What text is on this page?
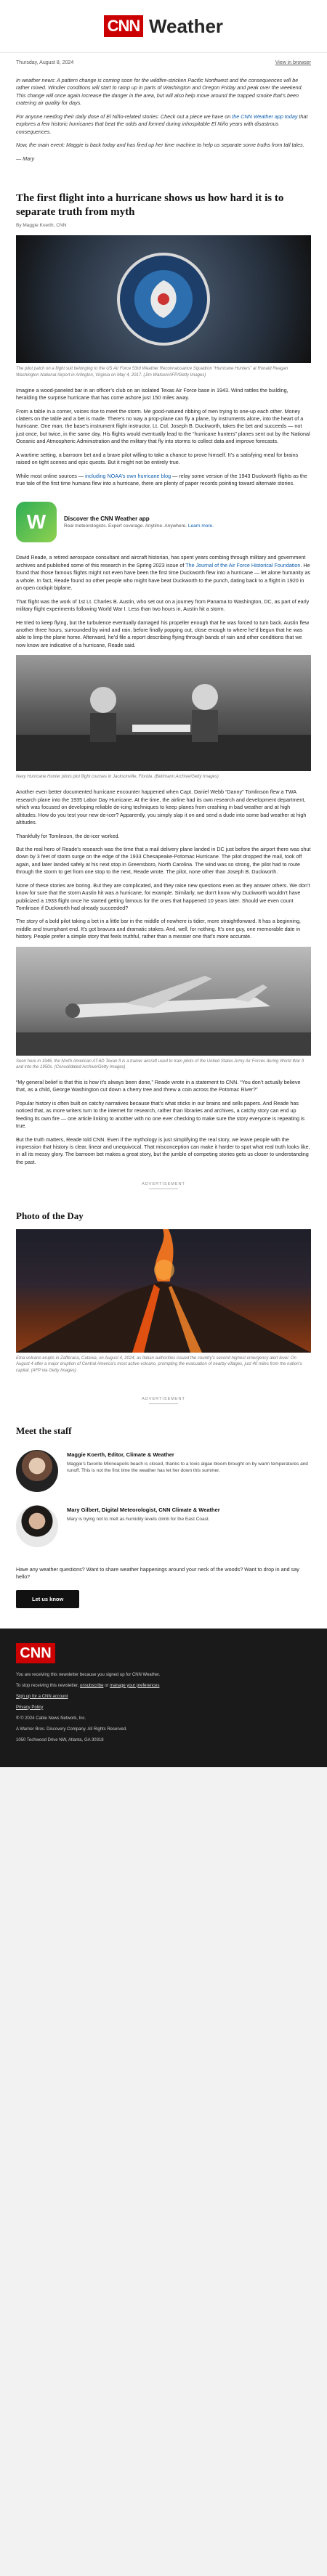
CNN Weather
Thursday, August 8, 2024	View in browser

In weather news: A pattern change is coming soon for the wildfire-stricken Pacific Northwest and the consequences will be rather mixed. Windier conditions will start to ramp up in parts of Washington and Oregon Friday and peak over the weekend. This change will once again increase the danger in the area, but will also help move around the trapped smoke that’s been cratering air quality for days.

For anyone needing their daily dose of El Niño-related stories: Check out a piece we have on the CNN Weather app today that explores a few historic hurricanes that beat the odds and formed during inhospitable El Niño years with disastrous consequences.

Now, the main event: Maggie is back today and has fired up her time machine to help us separate some truths from tall tales.

— Mary

The first flight into a hurricane shows us how hard it is to separate truth from myth
By Maggie Koerth, CNN
The pilot patch on a flight suit belonging to the US Air Force 53rd Weather Reconnaissance Squadron “Hurricane Hunters” at Ronald Reagan Washington National Airport in Arlington, Virginia on May 4, 2017. (Jim Watson/AFP/Getty Images)

Imagine a wood-paneled bar in an officer’s club on an isolated Texas Air Force base in 1943. Wind rattles the building, heralding the surprise hurricane that has come ashore just 150 miles away.

From a table in a corner, voices rise to meet the storm. Me good-natured ribbing of men trying to one-up each other. Money clatters on the table and a bet is made. There’s no way a prop-plane can fly a plane, by instruments alone, into the heart of a hurricane. One man, the base’s instrument flight instructor, Lt. Col. Joseph B. Duckworth, takes the bet and succeeds — not just once, but twice, in the same day. His flights would eventually lead to the “hurricane hunters” planes sent out by the National Oceanic and Atmospheric Administration and the military that fly into storms to collect data and improve forecasts.

A wartime setting, a barroom bet and a brave pilot willing to take a chance to prove himself. It’s a satisfying meal for brains raised on tight scenes and epic quests. But it might not be entirely true.

While most online sources — including NOAA’s own hurricane blog — relay some version of the 1943 Duckworth flights as the true tale of the first time humans flew into a hurricane, there are plenty of paper records pointing toward alternate stories.

W	Discover the CNN Weather app
Real meteorologists. Expert coverage. Anytime. Anywhere. Learn more.

David Reade, a retired aerospace consultant and aircraft historian, has spent years combing through military and government archives and published some of this research in the Spring 2023 issue of The Journal of the Air Force Historical Foundation. He found that those famous flights might not even have been the first time Duckworth flew into a hurricane — let alone humanity as a whole. In fact, Reade found no other people who might have beat Duckworth to the punch, dating back to a flight in 1920 in an open cockpit biplane.

That flight was the work of 1st Lt. Charles B. Austin, who set out on a journey from Panama to Washington, DC, as part of early military flight experiments following World War I. Less than two hours in, Austin hit a storm.

He tried to keep flying, but the turbulence eventually damaged his propeller enough that he was forced to turn back. Austin flew another three hours, surrounded by wind and rain, before finally popping out, close enough to where he’d begun that he was able to limp the plane home. Afterward, he’d file a report describing flying through bands of rain and other conditions that we now know are indicative of a hurricane, Reade said.

Navy Hurricane Hunter pilots plot flight courses in Jacksonville, Florida. (Bettmann Archive/Getty Images)

Another even better documented hurricane encounter happened when Capt. Daniel Webb “Danny” Tomlinson flew a TWA research plane into the 1935 Labor Day Hurricane. At the time, the airline had its own research and development department, which was focused on developing reliable de-icing techniques to keep planes from crashing in bad weather and at high altitudes. How do you test your new de-icer? Apparently, you simply slap it on and send a dude into some bad weather at high altitudes.

Thankfully for Tomlinson, the de-icer worked.

But the real hero of Reade’s research was the time that a mail delivery plane landed in DC just before the airport there was shut down by 3 feet of storm surge on the edge of the 1933 Chesapeake-Potomac Hurricane. The pilot dropped the mail, took off again, and later landed safely at his next stop in Greensboro, North Carolina. The wind was so strong, the pilot had to route through the storm to get from one stop to the next, Reade wrote. The pilot, none other than Joseph B. Duckworth.

None of these stories are boring. But they are complicated, and they raise new questions even as they answer others. We don’t know for sure that the storm Austin hit was a hurricane, for example. Similarly, we don’t know why Duckworth wouldn’t have publicized a 1933 flight once he started getting famous for the ones that happened 10 years later. Should we even count Tomlinson if Duckworth had already succeeded?

The story of a bold pilot taking a bet in a little bar in the middle of nowhere is tidier, more straightforward. It has a beginning, middle and triumphant end. It’s got bravura and dramatic stakes. And, well, for nothing. It’s one guy, one memorable date in history. People prefer a simple story that feels truthful, rather than a messier one that’s more accurate.

Seen here in 1946, the North American AT-6D Texan II is a trainer aircraft used to train pilots of the United States Army Air Forces during World War II and into the 1950s. (Consolidated Archive/Getty Images)

“My general belief is that this is how it’s always been done,” Reade wrote in a statement to CNN. “You don’t actually believe that, as a child, George Washington cut down a cherry tree and threw a coin across the Potomac River?”

Popular history is often built on catchy narratives because that’s what sticks in our brains and sells papers. And Reade has noticed that, as more writers turn to the internet for research, rather than libraries and archives, a catchy story can end up feeding its own fire — one article linking to another with no one ever checking to make sure the story everyone is repeating is true.

But the truth matters, Reade told CNN. Even if the mythology is just simplifying the real story, we leave people with the impression that history is clear, linear and unequivocal. That misconception can make it harder to spot what real truth looks like, in all its messy glory. The barroom bet makes a great story, but the jumble of competing stories gets us closer to understanding the past.

ADVERTISEMENT
Photo of the Day
Etna volcano erupts in Zafferana, Catania, on August 4, 2024, as Italian authorities issued the country’s second highest emergency alert level. On August 4 after a major eruption of Central America’s most active volcano, prompting the evacuation of nearby villages, just 40 miles from the nation’s capital. (AFP via Getty Images)
ADVERTISEMENT
Meet the staff
Maggie Koerth, Editor, Climate & Weather
Maggie’s favorite Minneapolis beach is closed, thanks to a toxic algae bloom brought on by warm temperatures and runoff. This is not the first time the weather has let her down this summer.
Mary Gilbert, Digital Meteorologist, CNN Climate & Weather
Mary is trying not to melt as humidity levels climb for the East Coast.
Have any weather questions? Want to share weather happenings around your neck of the woods? Want to drop in and say hello?
Let us know
CNN

You are receiving this newsletter because you signed up for CNN Weather.

To stop receiving this newsletter, unsubscribe or manage your preferences

Sign up for a CNN account

Privacy Policy

® © 2024 Cable News Network, Inc.

A Warner Bros. Discovery Company. All Rights Reserved.

1050 Techwood Drive NW, Atlanta, GA 30318
